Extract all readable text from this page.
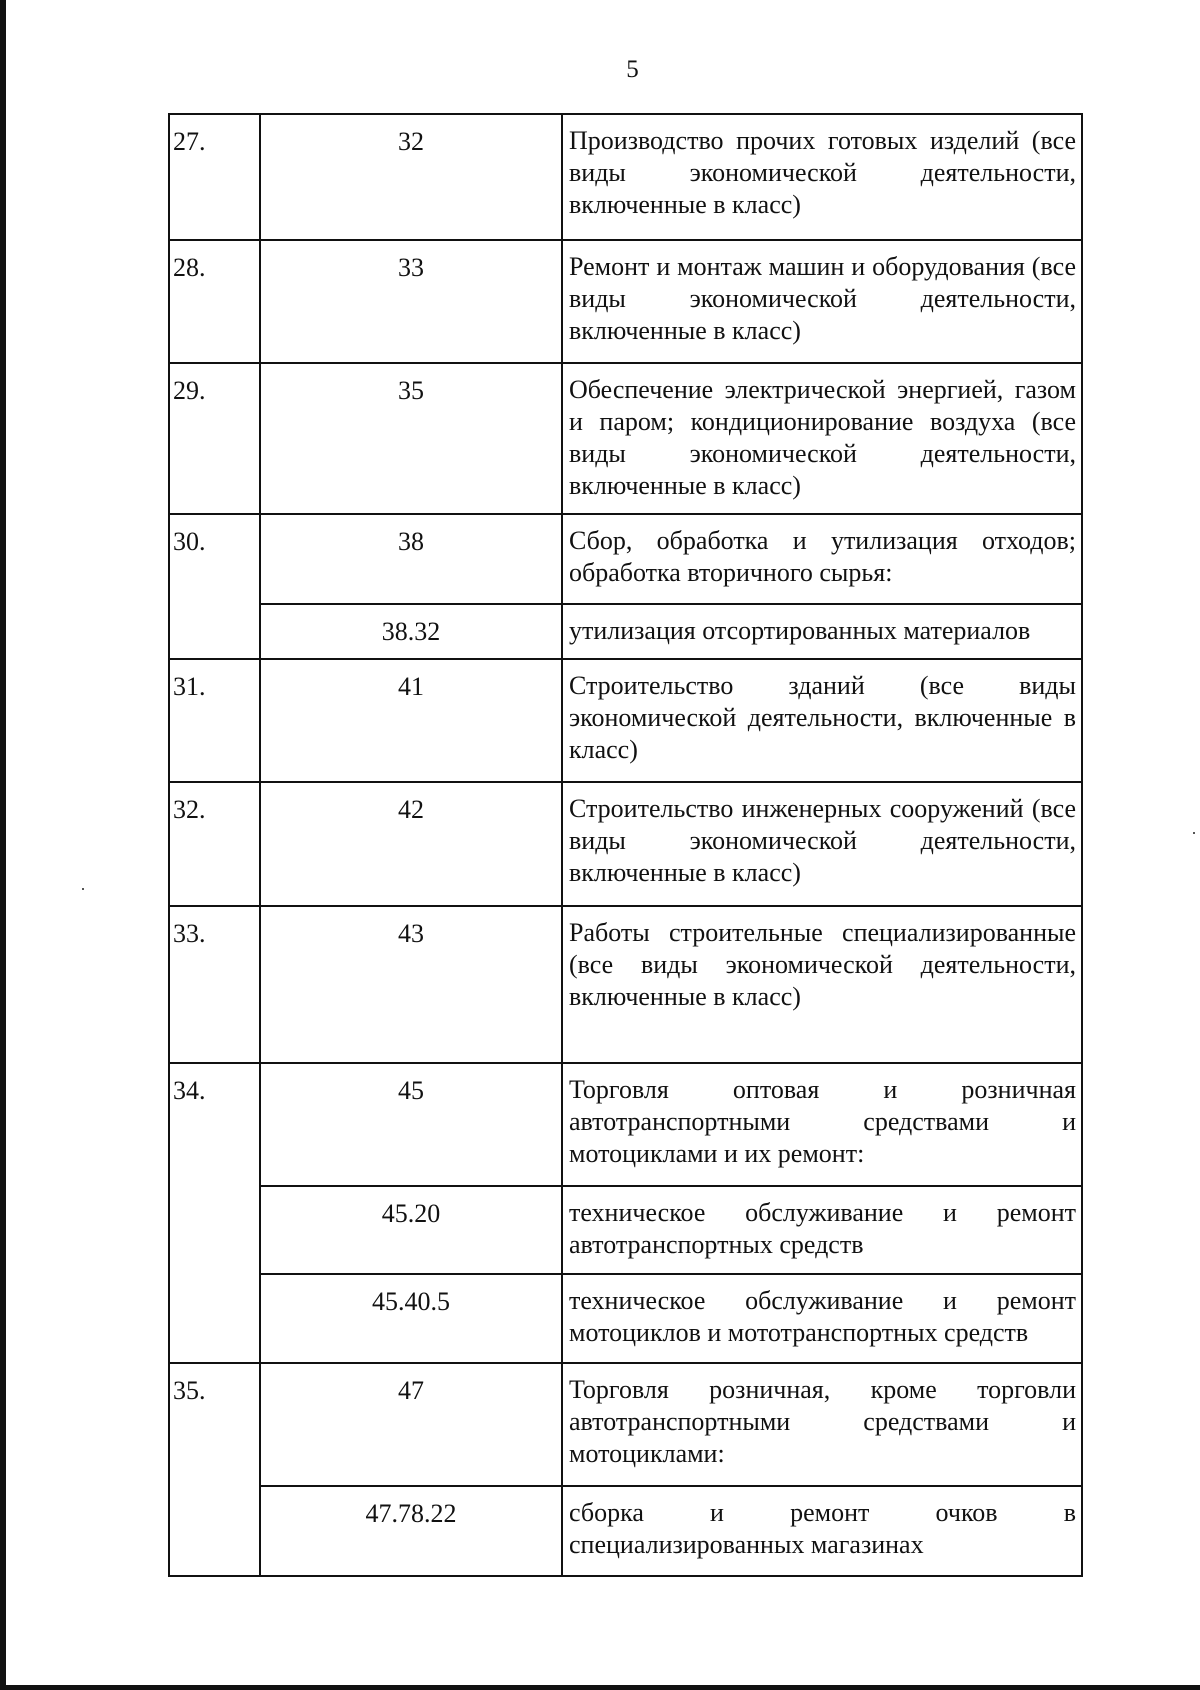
5
27.	32	Производство прочих готовых изделий (все виды экономической деятельности, включенные в класс)
28.	33	Ремонт и монтаж машин и оборудования (все виды экономической деятельности, включенные в класс)
29.	35	Обеспечение электрической энергией, газом и паром; кондиционирование воздуха (все виды экономической деятельности, включенные в класс)
30.	38	Сбор, обработка и утилизация отходов; обработка вторичного сырья:
	38.32	утилизация отсортированных материалов
31.	41	Строительство зданий (все виды экономической деятельности, включенные в класс)
32.	42	Строительство инженерных сооружений (все виды экономической деятельности, включенные в класс)
33.	43	Работы строительные специализированные (все виды экономической деятельности, включенные в класс)
34.	45	Торговля оптовая и розничная автотранспортными средствами и мотоциклами и их ремонт:
	45.20	техническое обслуживание и ремонт автотранспортных средств
	45.40.5	техническое обслуживание и ремонт мотоциклов и мототранспортных средств
35.	47	Торговля розничная, кроме торговли автотранспортными средствами и мотоциклами:
	47.78.22	сборка и ремонт очков в специализированных магазинах
